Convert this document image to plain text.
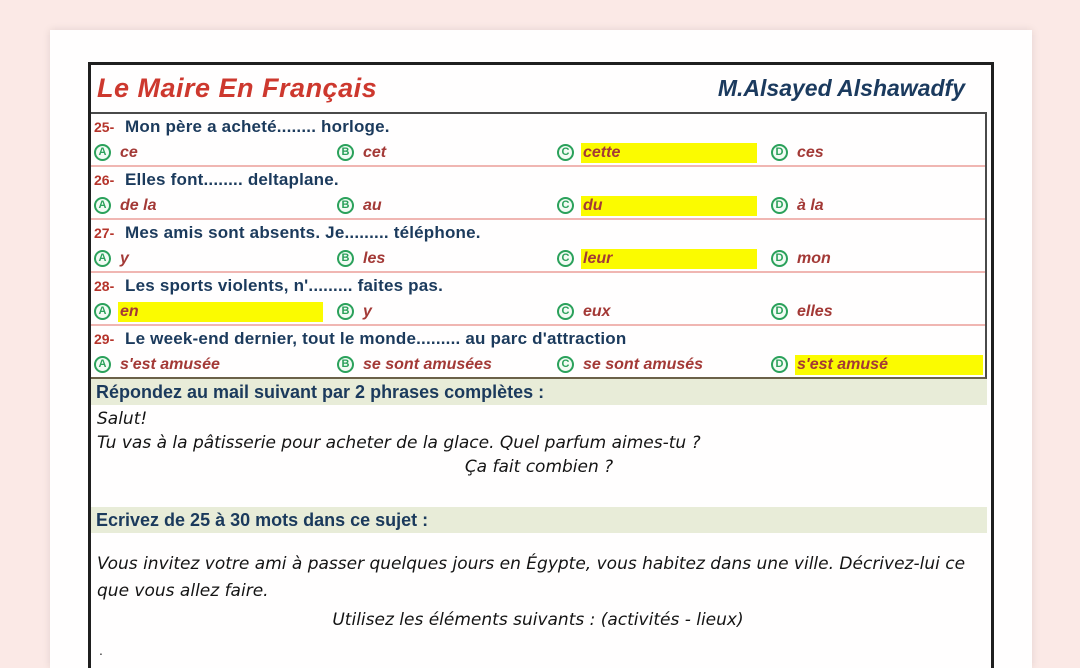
Le Maire En Français	M.Alsayed Alshawadfy
25- Mon père a acheté........ horloge.
A ce	B cet	C cette	D ces
26- Elles font........ deltaplane.
A de la	B au	C du	D à la
27- Mes amis sont absents. Je......... téléphone.
A y	B les	C leur	D mon
28- Les sports violents, n'......... faites pas.
A en	B y	C eux	D elles
29- Le week-end dernier, tout le monde......... au parc d'attraction
A s'est amusée	B se sont amusées	C se sont amusés	D s'est amusé
Répondez au mail suivant par 2 phrases complètes :
Salut!
Tu vas à la pâtisserie pour acheter de la glace. Quel parfum aimes-tu ?
Ça fait combien ?
Ecrivez de 25 à 30 mots dans ce sujet :
Vous invitez votre ami à passer quelques jours en Égypte, vous habitez dans une ville. Décrivez-lui ce que vous allez faire.
Utilisez les éléments suivants : (activités - lieux)
.
